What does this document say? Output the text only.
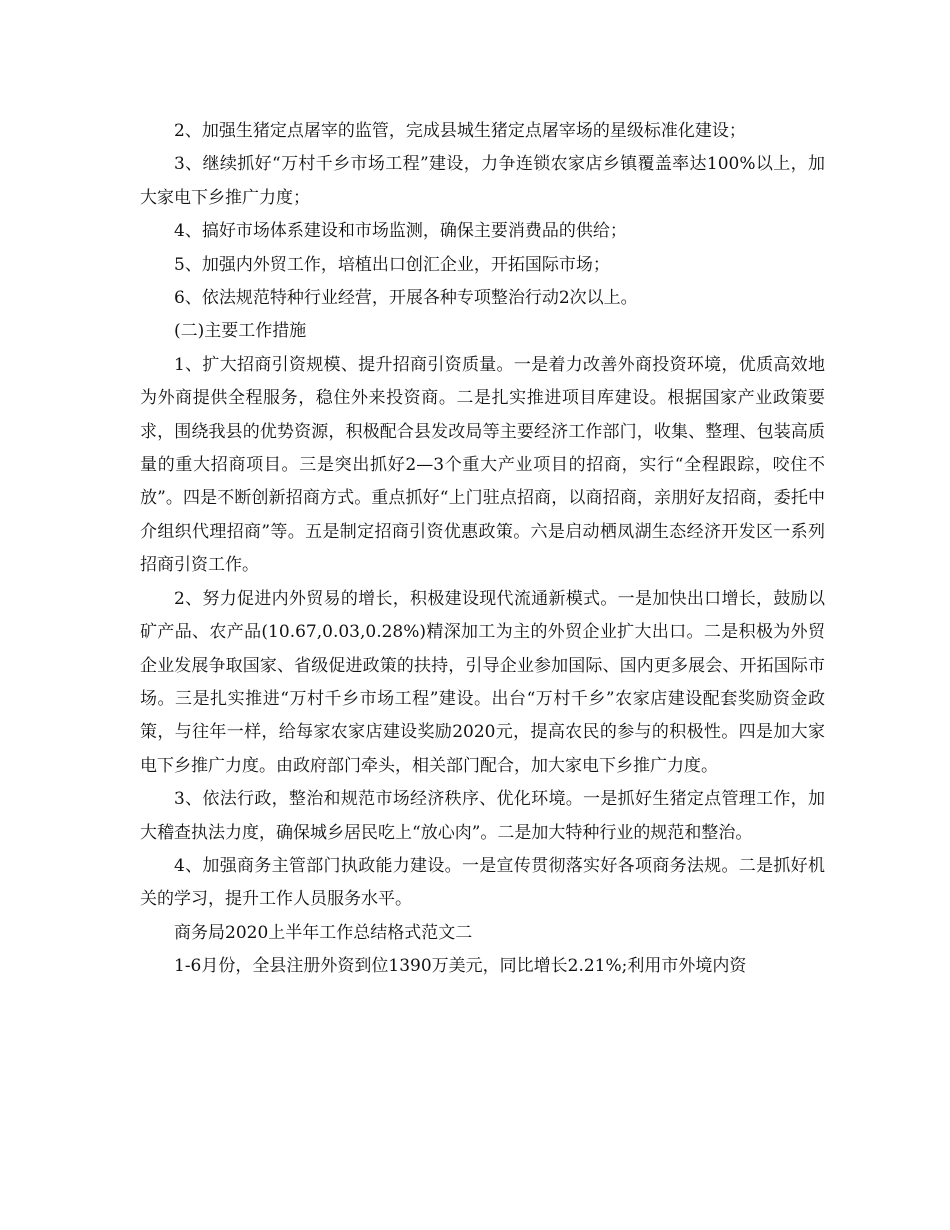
2、加强生猪定点屠宰的监管，完成县城生猪定点屠宰场的星级标准化建设；

3、继续抓好“万村千乡市场工程”建设，力争连锁农家店乡镇覆盖率达100%以上，加大家电下乡推广力度；

4、搞好市场体系建设和市场监测，确保主要消费品的供给；

5、加强内外贸工作，培植出口创汇企业，开拓国际市场；

6、依法规范特种行业经营，开展各种专项整治行动2次以上。

(二)主要工作措施

1、扩大招商引资规模、提升招商引资质量。一是着力改善外商投资环境，优质高效地为外商提供全程服务，稳住外来投资商。二是扎实推进项目库建设。根据国家产业政策要求，围绕我县的优势资源，积极配合县发改局等主要经济工作部门，收集、整理、包装高质量的重大招商项目。三是突出抓好2—3个重大产业项目的招商，实行“全程跟踪，咬住不放”。四是不断创新招商方式。重点抓好“上门驻点招商，以商招商，亲朋好友招商，委托中介组织代理招商”等。五是制定招商引资优惠政策。六是启动栖凤湖生态经济开发区一系列招商引资工作。

2、努力促进内外贸易的增长，积极建设现代流通新模式。一是加快出口增长，鼓励以矿产品、农产品(10.67,0.03,0.28%)精深加工为主的外贸企业扩大出口。二是积极为外贸企业发展争取国家、省级促进政策的扶持，引导企业参加国际、国内更多展会、开拓国际市场。三是扎实推进“万村千乡市场工程”建设。出台“万村千乡”农家店建设配套奖励资金政策，与往年一样，给每家农家店建设奖励2020元，提高农民的参与的积极性。四是加大家电下乡推广力度。由政府部门牵头，相关部门配合，加大家电下乡推广力度。

3、依法行政，整治和规范市场经济秩序、优化环境。一是抓好生猪定点管理工作，加大稽查执法力度，确保城乡居民吃上“放心肉”。二是加大特种行业的规范和整治。

4、加强商务主管部门执政能力建设。一是宣传贯彻落实好各项商务法规。二是抓好机关的学习，提升工作人员服务水平。

商务局2020上半年工作总结格式范文二

1-6月份，全县注册外资到位1390万美元，同比增长2.21%;利用市外境内资
